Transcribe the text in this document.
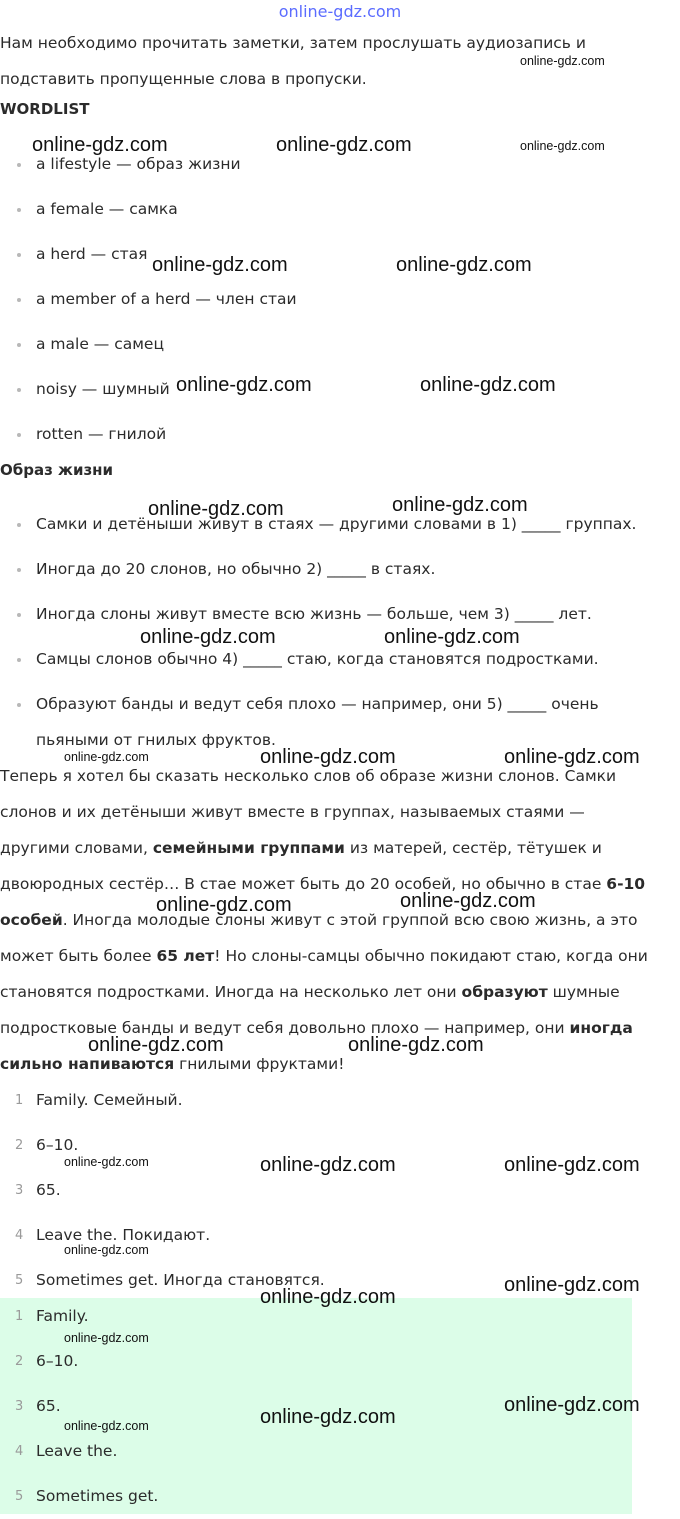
online-gdz.com
Нам необходимо прочитать заметки, затем прослушать аудиозапись и
подставить пропущенные слова в пропуски.
WORDLIST
a lifestyle — образ жизни
a female — самка
a herd — стая
a member of a herd — член стаи
a male — самец
noisy — шумный
rotten — гнилой
Образ жизни
Самки и детёныши живут в стаях — другими словами в 1) _____ группах.
Иногда до 20 слонов, но обычно 2) _____ в стаях.
Иногда слоны живут вместе всю жизнь — больше, чем 3) _____ лет.
Самцы слонов обычно 4) _____ стаю, когда становятся подростками.
Образуют банды и ведут себя плохо — например, они 5) _____ очень
пьяными от гнилых фруктов.
Теперь я хотел бы сказать несколько слов об образе жизни слонов. Самки
слонов и их детёныши живут вместе в группах, называемых стаями —
другими словами, семейными группами из матерей, сестёр, тётушек и
двоюродных сестёр… В стае может быть до 20 особей, но обычно в стае 6-10
особей. Иногда молодые слоны живут с этой группой всю свою жизнь, а это
может быть более 65 лет! Но слоны-самцы обычно покидают стаю, когда они
становятся подростками. Иногда на несколько лет они образуют шумные
подростковые банды и ведут себя довольно плохо — например, они иногда
сильно напиваются гнилыми фруктами!
1 Family. Семейный.
2 6–10.
3 65.
4 Leave the. Покидают.
5 Sometimes get. Иногда становятся.
1 Family.
2 6–10.
3 65.
4 Leave the.
5 Sometimes get.
online-gdz.com
online-gdz.com	online-gdz.com	online-gdz.com
online-gdz.com	online-gdz.com
online-gdz.com	online-gdz.com
online-gdz.com	online-gdz.com
online-gdz.com	online-gdz.com
online-gdz.com	online-gdz.com	online-gdz.com
online-gdz.com	online-gdz.com
online-gdz.com	online-gdz.com
online-gdz.com	online-gdz.com	online-gdz.com
online-gdz.com
online-gdz.com
online-gdz.com
online-gdz.com
online-gdz.com
online-gdz.com
online-gdz.com
